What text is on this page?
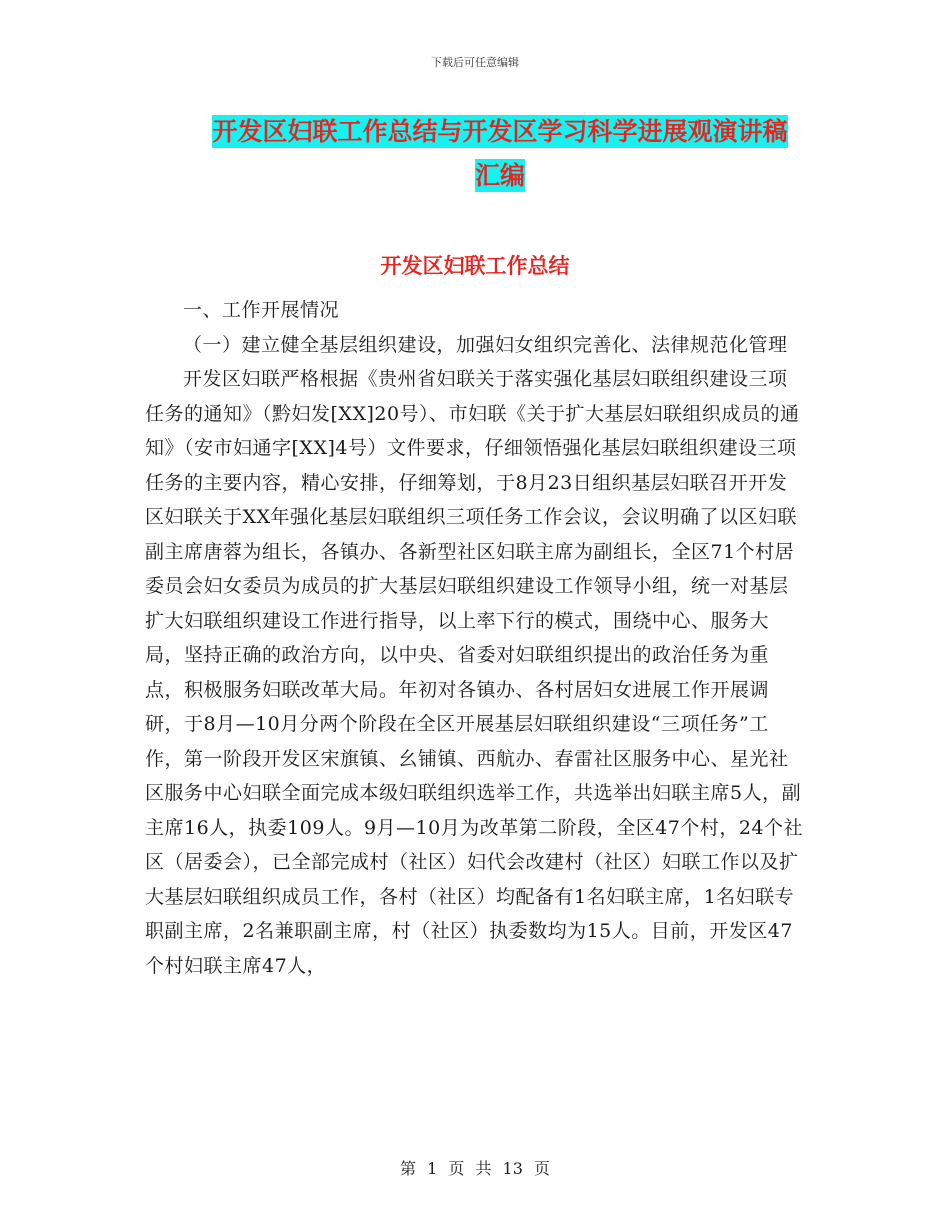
下载后可任意编辑
开发区妇联工作总结与开发区学习科学进展观演讲稿
汇编
开发区妇联工作总结

一、工作开展情况

（一）建立健全基层组织建设，加强妇女组织完善化、法律规范化管理

开发区妇联严格根据《贵州省妇联关于落实强化基层妇联组织建设三项任务的通知》（黔妇发[XX]20号）、市妇联《关于扩大基层妇联组织成员的通知》（安市妇通字[XX]4号）文件要求，仔细领悟强化基层妇联组织建设三项任务的主要内容，精心安排，仔细筹划，于8月23日组织基层妇联召开开发区妇联关于XX年强化基层妇联组织三项任务工作会议，会议明确了以区妇联副主席唐蓉为组长，各镇办、各新型社区妇联主席为副组长，全区71个村居委员会妇女委员为成员的扩大基层妇联组织建设工作领导小组，统一对基层扩大妇联组织建设工作进行指导，以上率下行的模式，围绕中心、服务大局，坚持正确的政治方向，以中央、省委对妇联组织提出的政治任务为重点，积极服务妇联改革大局。年初对各镇办、各村居妇女进展工作开展调研，于8月—10月分两个阶段在全区开展基层妇联组织建设“三项任务”工作，第一阶段开发区宋旗镇、幺铺镇、西航办、春雷社区服务中心、星光社区服务中心妇联全面完成本级妇联组织选举工作，共选举出妇联主席5人，副主席16人，执委109人。9月—10月为改革第二阶段，全区47个村，24个社区（居委会），已全部完成村（社区）妇代会改建村（社区）妇联工作以及扩大基层妇联组织成员工作，各村（社区）均配备有1名妇联主席，1名妇联专职副主席，2名兼职副主席，村（社区）执委数均为15人。目前，开发区47个村妇联主席47人，

第 1 页 共 13 页
